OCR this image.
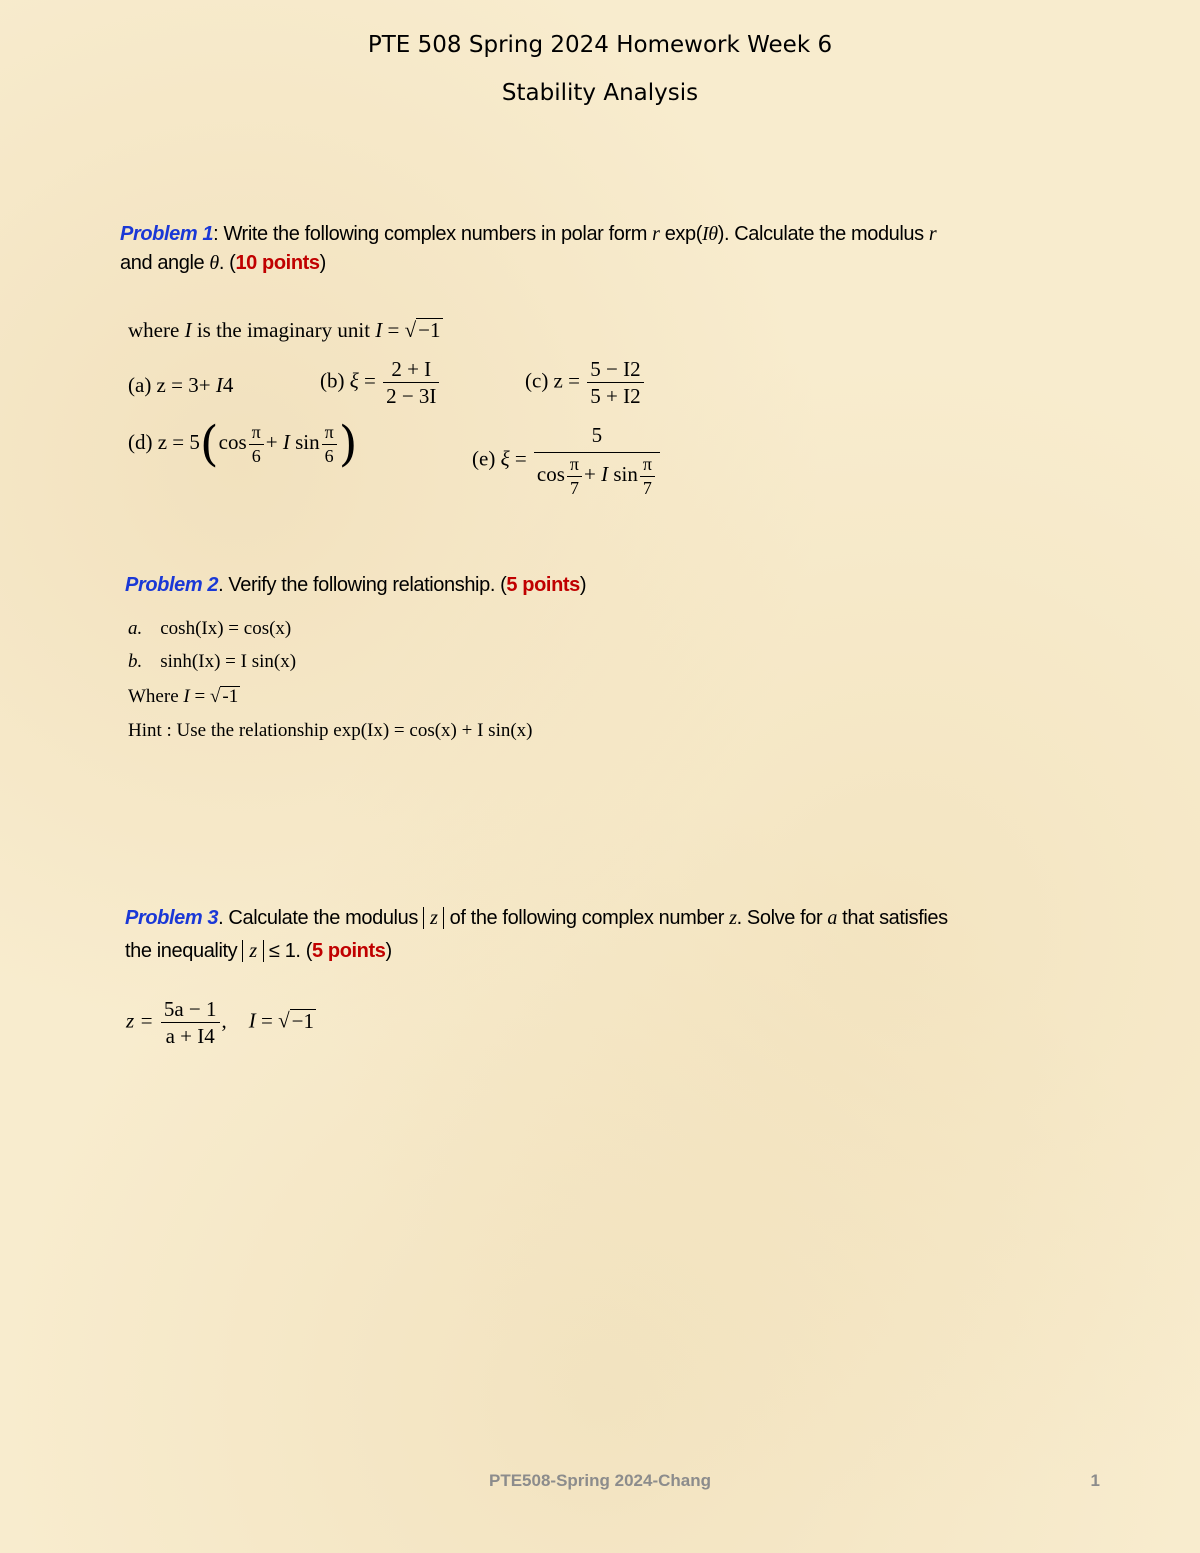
PTE 508 Spring 2024 Homework Week 6
Stability Analysis
Problem 1: Write the following complex numbers in polar form r exp(Iθ). Calculate the modulus r
and angle θ. (10 points)
where I is the imaginary unit I = √−1
(a) z = 3+ I4	(b) $\xi = \frac{2 + I}{2 - 3I}$	(c) $z = \frac{5 - I2}{5 + I2}$
(d) $z = 5(\cos \frac{\pi}{6} + I$ $\sin \frac{\pi}{6}$ )	(e) $\xi = \frac{5}{\cos \frac{\pi}{7} + I \sin \frac{\pi}{7}}$
Problem 2. Verify the following relationship. (5 points)
a. cosh(Ix) = cos(x)
b. sinh(Ix) = I sin(x)
Where I = √ -1
Hint : Use the relationship exp(Ix) = cos(x) + I sin(x)
Problem 3. Calculate the modulus z of the following complex number z. Solve for a that satisfies
the inequality z ≤ 1. (5 points)
$z = \frac{5a - 1}{a + I4}$ , I = √−1
PTE508-Spring 2024-Chang	1
